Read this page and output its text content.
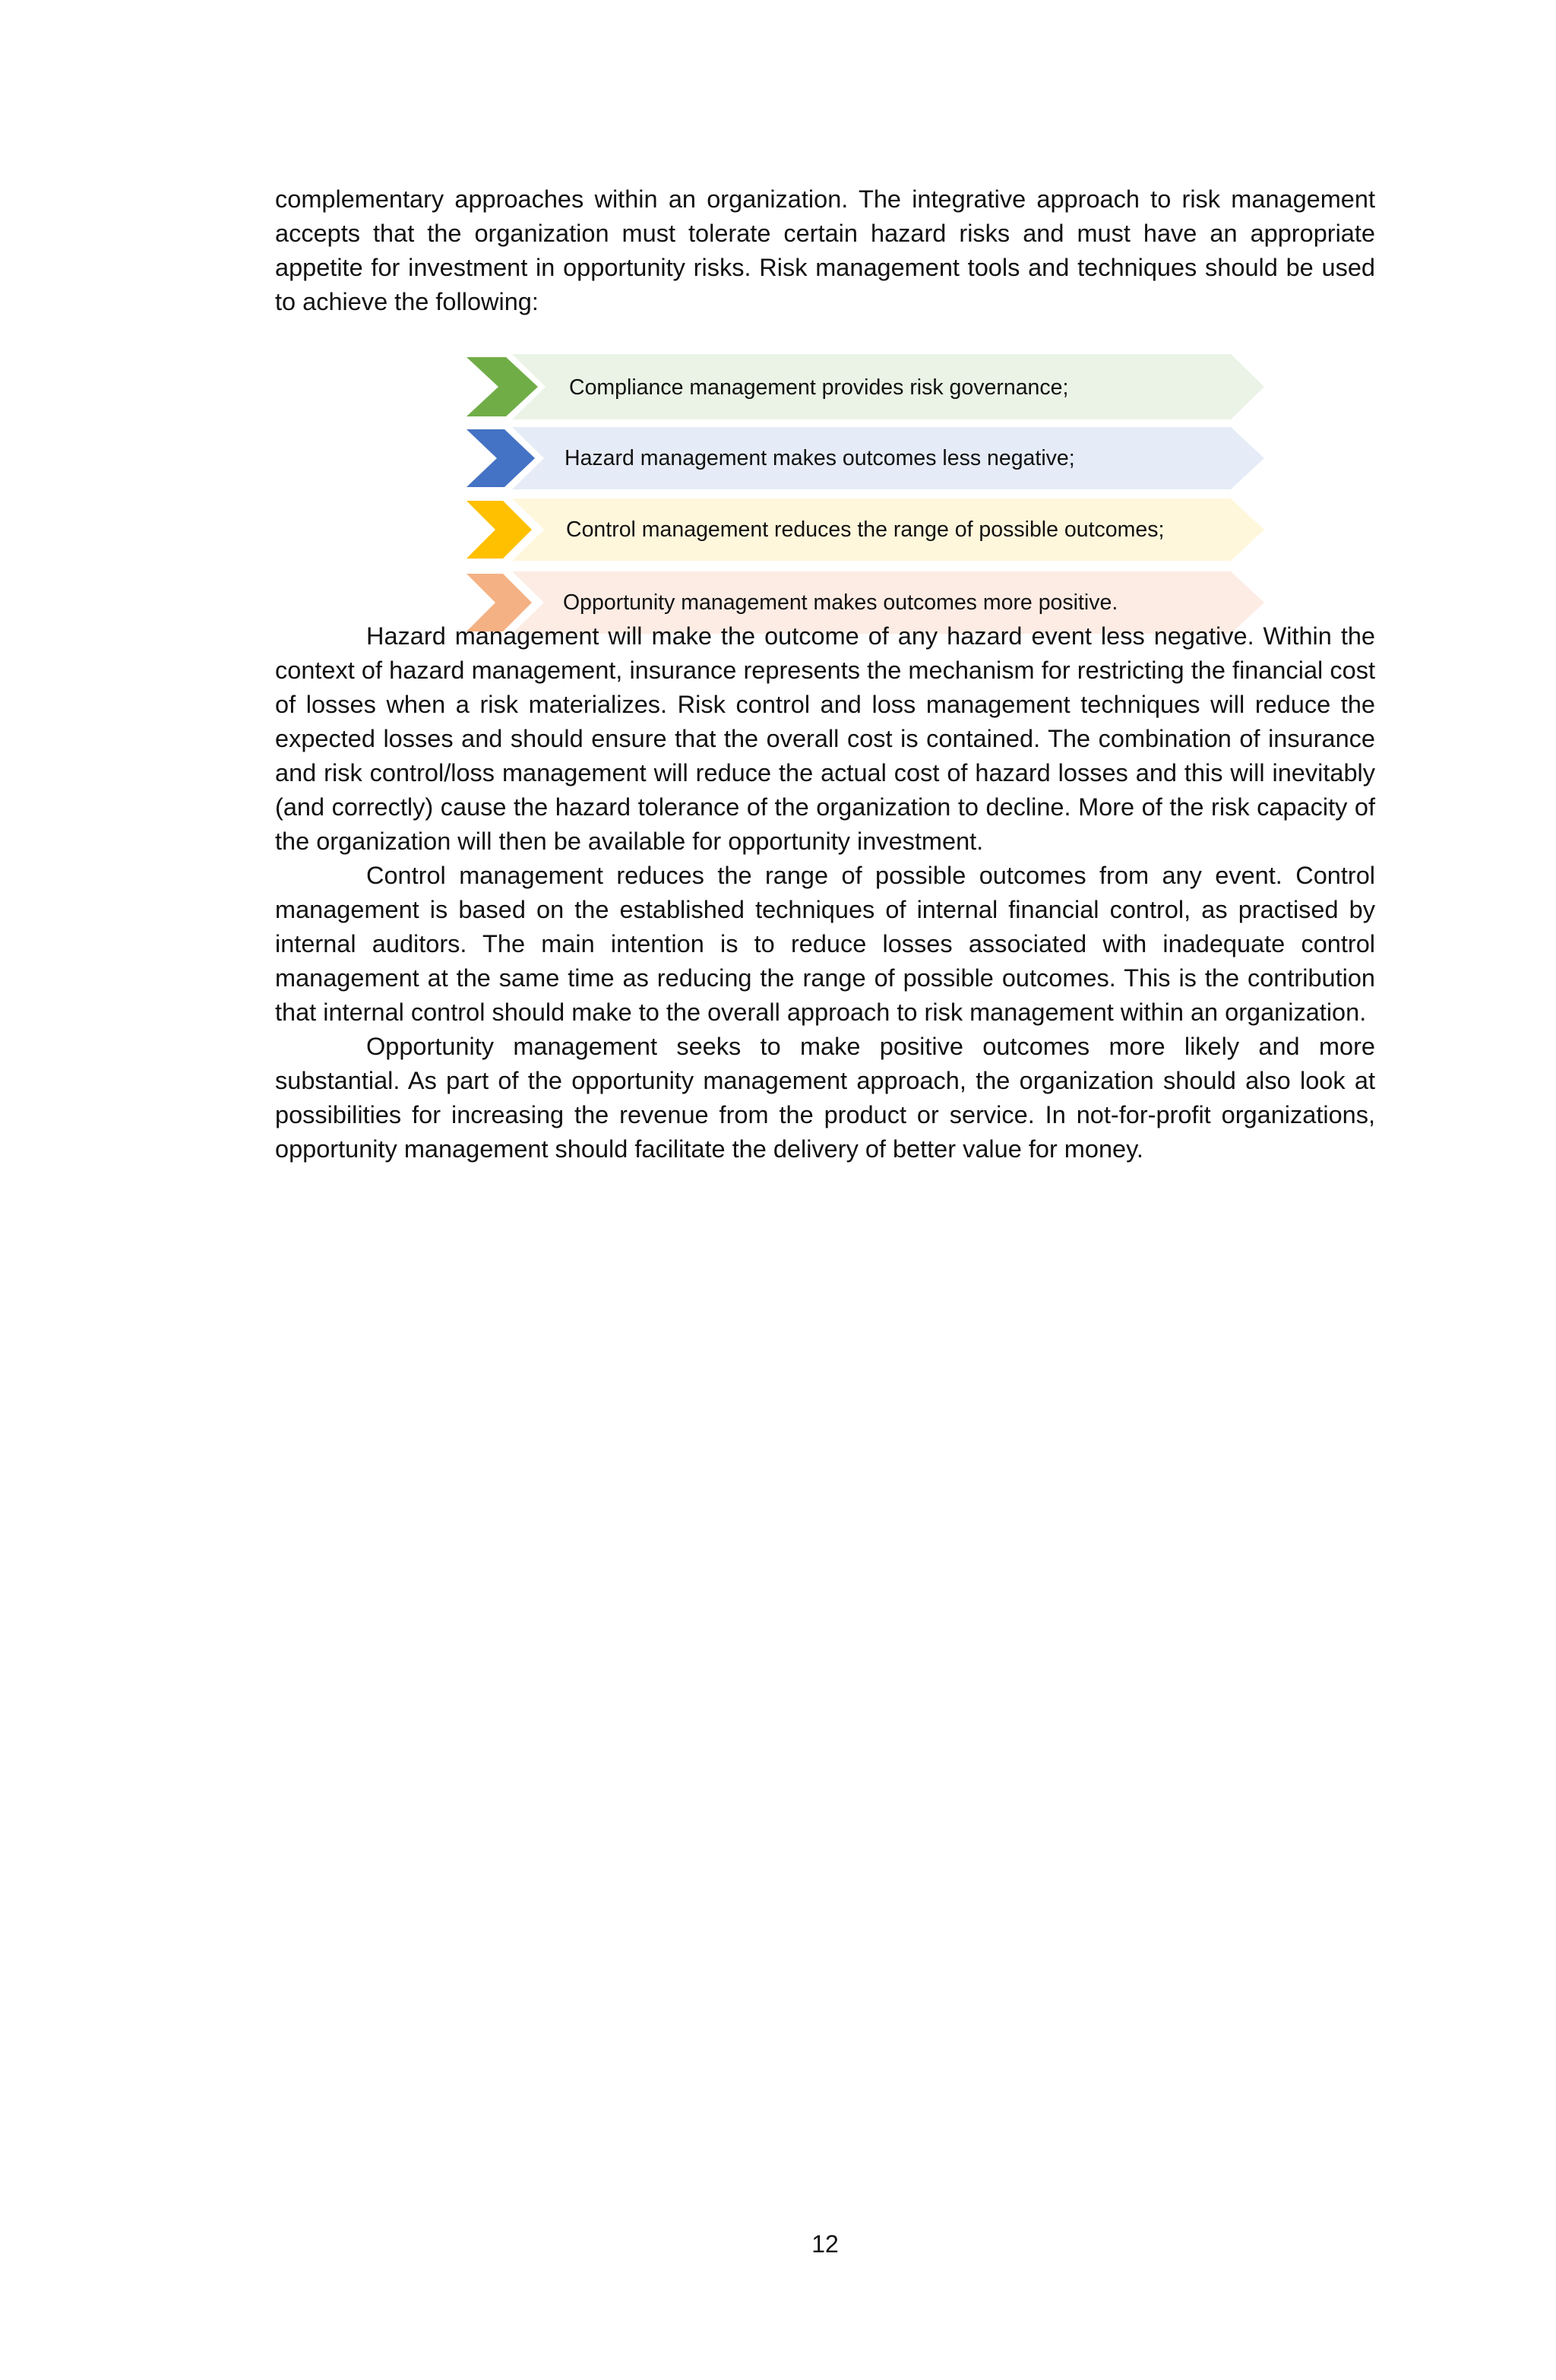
complementary approaches within an organization. The integrative approach to risk management accepts that the organization must tolerate certain hazard risks and must have an appropriate appetite for investment in opportunity risks. Risk management tools and techniques should be used to achieve the following:

Compliance management provides risk governance;
Hazard management makes outcomes less negative;
Control management reduces the range of possible outcomes;
Opportunity management makes outcomes more positive.

Hazard management will make the outcome of any hazard event less negative. Within the context of hazard management, insurance represents the mechanism for restricting the financial cost of losses when a risk materializes. Risk control and loss management techniques will reduce the expected losses and should ensure that the overall cost is contained. The combination of insurance and risk control/loss management will reduce the actual cost of hazard losses and this will inevitably (and correctly) cause the hazard tolerance of the organization to decline. More of the risk capacity of the organization will then be available for opportunity investment.

Control management reduces the range of possible outcomes from any event. Control management is based on the established techniques of internal financial control, as practised by internal auditors. The main intention is to reduce losses associated with inadequate control management at the same time as reducing the range of possible outcomes. This is the contribution that internal control should make to the overall approach to risk management within an organization.

Opportunity management seeks to make positive outcomes more likely and more substantial. As part of the opportunity management approach, the organization should also look at possibilities for increasing the revenue from the product or service. In not-for-profit organizations, opportunity management should facilitate the delivery of better value for money.

12
